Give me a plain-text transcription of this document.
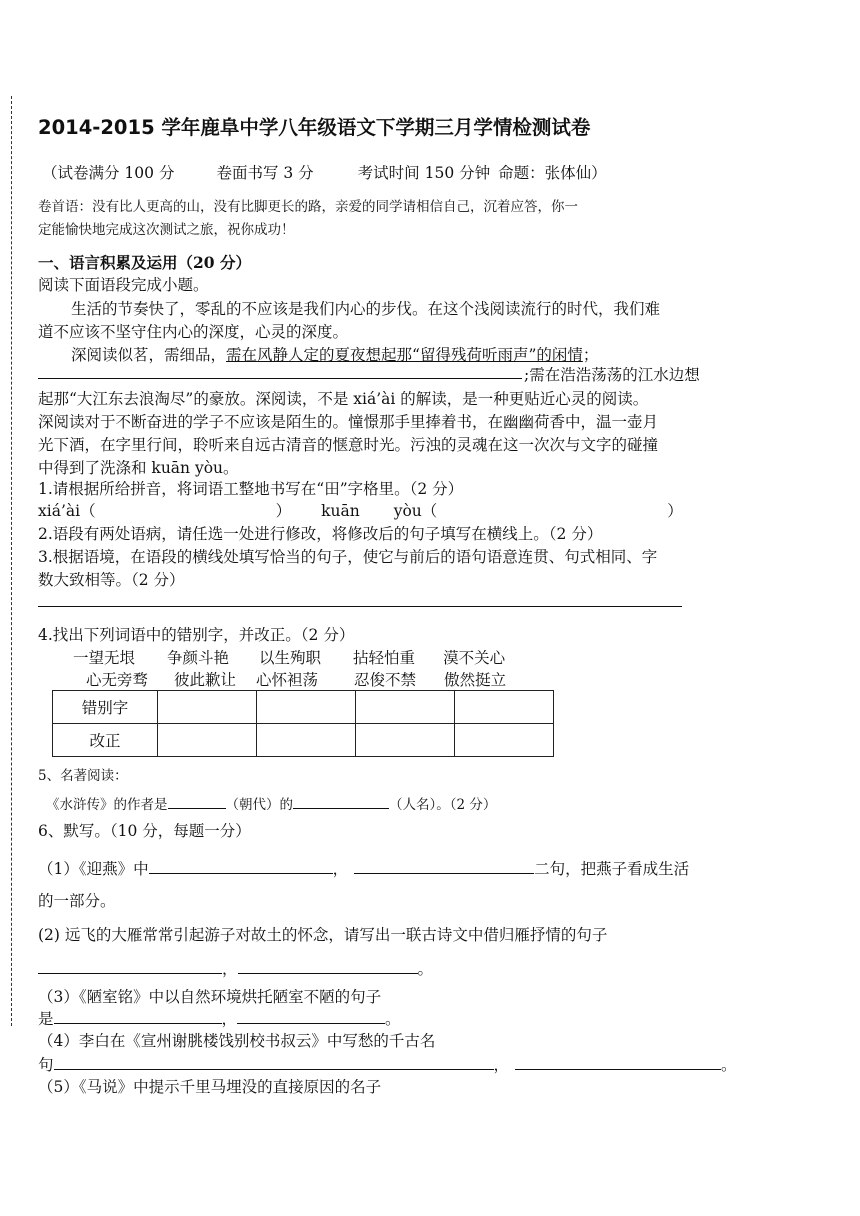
2014-2015 学年鹿阜中学八年级语文下学期三月学情检测试卷
（试卷满分 100 分	卷面书写 3 分	考试时间 150 分钟 命题：张体仙）
卷首语：没有比人更高的山，没有比脚更长的路，亲爱的同学请相信自己，沉着应答，你一
定能愉快地完成这次测试之旅，祝你成功！
一、语言积累及运用（20 分）
阅读下面语段完成小题。
生活的节奏快了，零乱的不应该是我们内心的步伐。在这个浅阅读流行的时代，我们难
道不应该不坚守住内心的深度，心灵的深度。
深阅读似茗，需细品，需在风静人定的夏夜想起那“留得残荷听雨声”的闲情；
;需在浩浩荡荡的江水边想
起那“大江东去浪淘尽”的豪放。深阅读，不是 xiá’ài 的解读，是一种更贴近心灵的阅读。
深阅读对于不断奋进的学子不应该是陌生的。憧憬那手里捧着书，在幽幽荷香中，温一壶月
光下酒，在字里行间，聆听来自远古清音的惬意时光。污浊的灵魂在这一次次与文字的碰撞
中得到了洗涤和 kuān yòu。
1.请根据所给拼音，将词语工整地书写在“田”字格里。（2 分）
xiá’ài（	） kuān yòu（	）
2.语段有两处语病，请任选一处进行修改，将修改后的句子填写在横线上。（2 分）
3.根据语境，在语段的横线处填写恰当的句子，使它与前后的语句语意连贯、句式相同、字
数大致相等。（2 分）
4.找出下列词语中的错别字，并改正。（2 分）
一望无垠 争颜斗艳 以生殉职 拈轻怕重 漠不关心
心无旁骛 彼此歉让 心怀袒荡 忍俊不禁 傲然挺立
错别字				
改正				
5、名著阅读：
《水浒传》的作者是	（朝代）的	（人名）。（2 分）
6、默写。（10 分，每题一分）
（1）《迎燕》中	，	二句，把燕子看成生活
的一部分。
(2) 远飞的大雁常常引起游子对故土的怀念，请写出一联古诗文中借归雁抒情的句子
，	。
（3）《陋室铭》中以自然环境烘托陋室不陋的句子
是	，	。
（4）李白在《宣州谢朓楼饯别校书叔云》中写愁的千古名
句	，	。
（5）《马说》中提示千里马埋没的直接原因的名子
